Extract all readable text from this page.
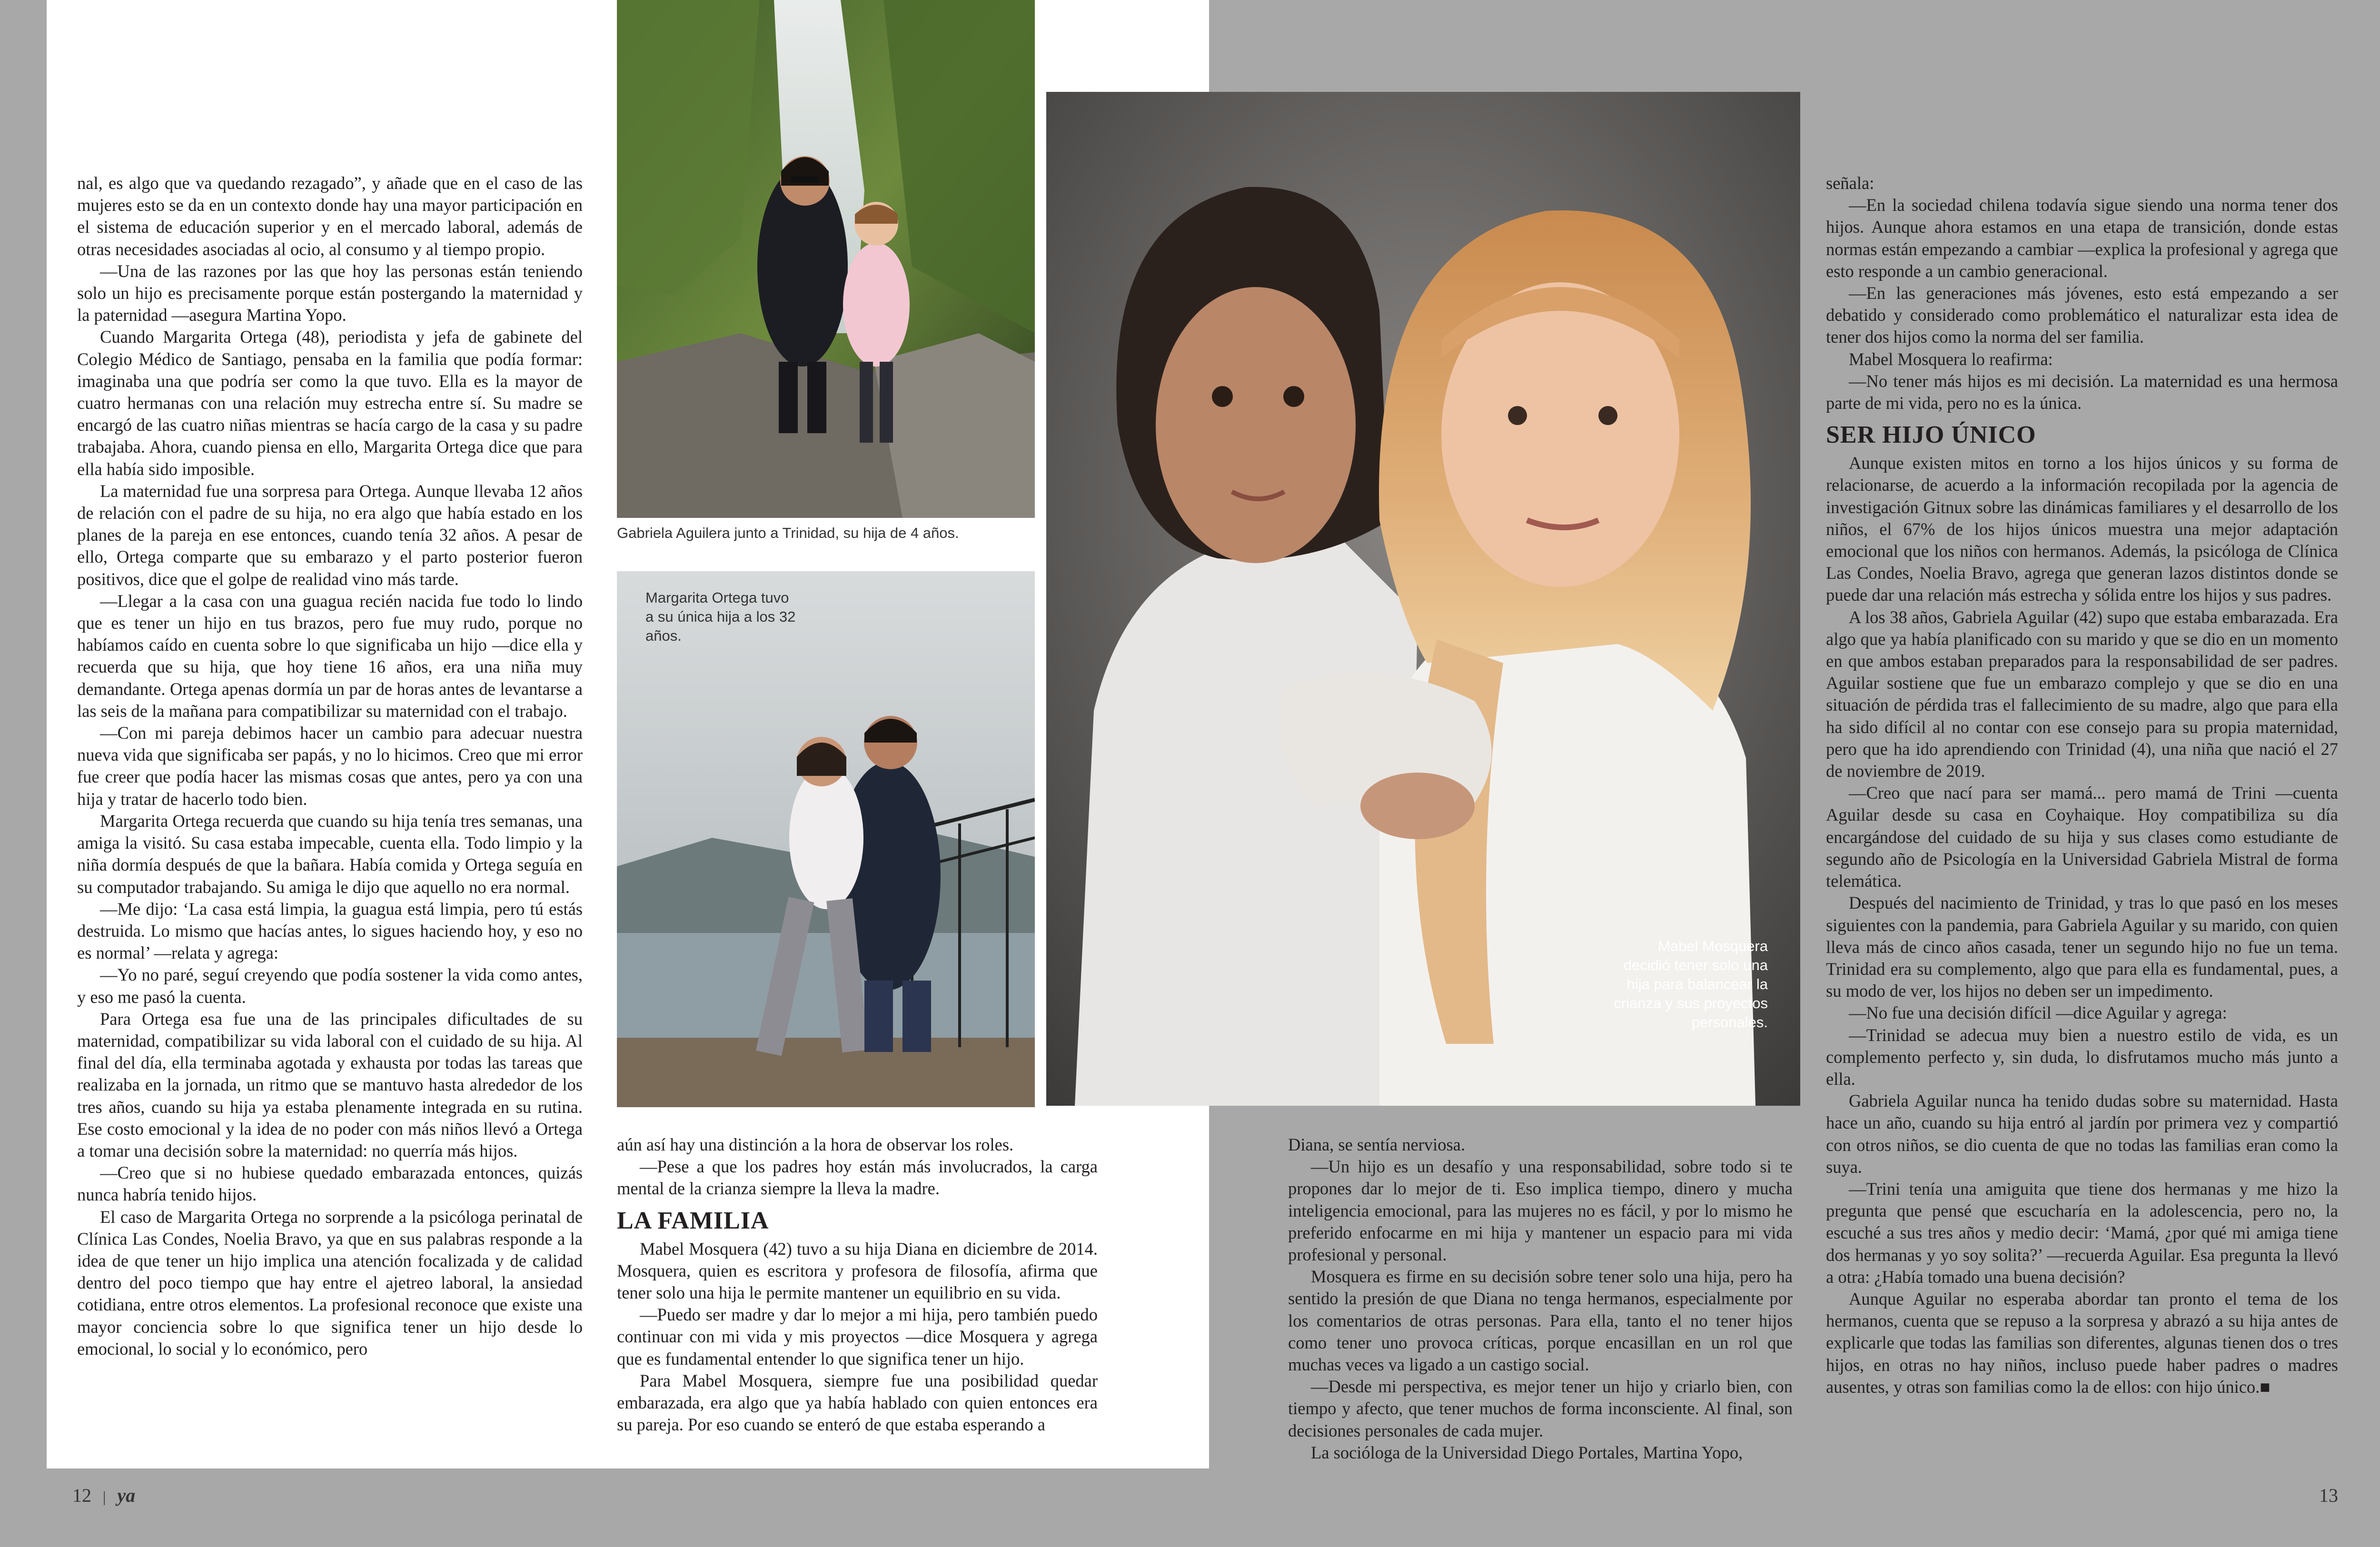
nal, es algo que va quedando rezagado”, y añade que en el caso de las mujeres esto se da en un contexto donde hay una mayor participación en el sistema de educación superior y en el mercado laboral, además de otras necesidades asociadas al ocio, al consumo y al tiempo propio.

—Una de las razones por las que hoy las personas están teniendo solo un hijo es precisamente porque están postergando la maternidad y la paternidad —asegura Martina Yopo.

Cuando Margarita Ortega (48), periodista y jefa de gabinete del Colegio Médico de Santiago, pensaba en la familia que podía formar: imaginaba una que podría ser como la que tuvo. Ella es la mayor de cuatro hermanas con una relación muy estrecha entre sí. Su madre se encargó de las cuatro niñas mientras se hacía cargo de la casa y su padre trabajaba. Ahora, cuando piensa en ello, Margarita Ortega dice que para ella había sido imposible.

La maternidad fue una sorpresa para Ortega. Aunque llevaba 12 años de relación con el padre de su hija, no era algo que había estado en los planes de la pareja en ese entonces, cuando tenía 32 años. A pesar de ello, Ortega comparte que su embarazo y el parto posterior fueron positivos, dice que el golpe de realidad vino más tarde.

—Llegar a la casa con una guagua recién nacida fue todo lo lindo que es tener un hijo en tus brazos, pero fue muy rudo, porque no habíamos caído en cuenta sobre lo que significaba un hijo —dice ella y recuerda que su hija, que hoy tiene 16 años, era una niña muy demandante. Ortega apenas dormía un par de horas antes de levantarse a las seis de la mañana para compatibilizar su maternidad con el trabajo.

—Con mi pareja debimos hacer un cambio para adecuar nuestra nueva vida que significaba ser papás, y no lo hicimos. Creo que mi error fue creer que podía hacer las mismas cosas que antes, pero ya con una hija y tratar de hacerlo todo bien.

Margarita Ortega recuerda que cuando su hija tenía tres semanas, una amiga la visitó. Su casa estaba impecable, cuenta ella. Todo limpio y la niña dormía después de que la bañara. Había comida y Ortega seguía en su computador trabajando. Su amiga le dijo que aquello no era normal.

—Me dijo: ‘La casa está limpia, la guagua está limpia, pero tú estás destruida. Lo mismo que hacías antes, lo sigues haciendo hoy, y eso no es normal’ —relata y agrega:

—Yo no paré, seguí creyendo que podía sostener la vida como antes, y eso me pasó la cuenta.

Para Ortega esa fue una de las principales dificultades de su maternidad, compatibilizar su vida laboral con el cuidado de su hija. Al final del día, ella terminaba agotada y exhausta por todas las tareas que realizaba en la jornada, un ritmo que se mantuvo hasta alrededor de los tres años, cuando su hija ya estaba plenamente integrada en su rutina. Ese costo emocional y la idea de no poder con más niños llevó a Ortega a tomar una decisión sobre la maternidad: no querría más hijos.

—Creo que si no hubiese quedado embarazada entonces, quizás nunca habría tenido hijos.

El caso de Margarita Ortega no sorprende a la psicóloga perinatal de Clínica Las Condes, Noelia Bravo, ya que en sus palabras responde a la idea de que tener un hijo implica una atención focalizada y de calidad dentro del poco tiempo que hay entre el ajetreo laboral, la ansiedad cotidiana, entre otros elementos. La profesional reconoce que existe una mayor conciencia sobre lo que significa tener un hijo desde lo emocional, lo social y lo económico, pero

Gabriela Aguilera junto a Trinidad, su hija de 4 años.
Margarita Ortega tuvo a su única hija a los 32 años.

aún así hay una distinción a la hora de observar los roles.

—Pese a que los padres hoy están más involucrados, la carga mental de la crianza siempre la lleva la madre.

LA FAMILIA

Mabel Mosquera (42) tuvo a su hija Diana en diciembre de 2014. Mosquera, quien es escritora y profesora de filosofía, afirma que tener solo una hija le permite mantener un equilibrio en su vida.

—Puedo ser madre y dar lo mejor a mi hija, pero también puedo continuar con mi vida y mis proyectos —dice Mosquera y agrega que es fundamental entender lo que significa tener un hijo.

Para Mabel Mosquera, siempre fue una posibilidad quedar embarazada, era algo que ya había hablado con quien entonces era su pareja. Por eso cuando se enteró de que estaba esperando a

Mabel Mosquera decidió tener solo una hija para balancear la crianza y sus proyectos personales.

Diana, se sentía nerviosa.

—Un hijo es un desafío y una responsabilidad, sobre todo si te propones dar lo mejor de ti. Eso implica tiempo, dinero y mucha inteligencia emocional, para las mujeres no es fácil, y por lo mismo he preferido enfocarme en mi hija y mantener un espacio para mi vida profesional y personal.

Mosquera es firme en su decisión sobre tener solo una hija, pero ha sentido la presión de que Diana no tenga hermanos, especialmente por los comentarios de otras personas. Para ella, tanto el no tener hijos como tener uno provoca críticas, porque encasillan en un rol que muchas veces va ligado a un castigo social.

—Desde mi perspectiva, es mejor tener un hijo y criarlo bien, con tiempo y afecto, que tener muchos de forma inconsciente. Al final, son decisiones personales de cada mujer.

La socióloga de la Universidad Diego Portales, Martina Yopo,

señala:

—En la sociedad chilena todavía sigue siendo una norma tener dos hijos. Aunque ahora estamos en una etapa de transición, donde estas normas están empezando a cambiar —explica la profesional y agrega que esto responde a un cambio generacional.

—En las generaciones más jóvenes, esto está empezando a ser debatido y considerado como problemático el naturalizar esta idea de tener dos hijos como la norma del ser familia.

Mabel Mosquera lo reafirma:

—No tener más hijos es mi decisión. La maternidad es una hermosa parte de mi vida, pero no es la única.

SER HIJO ÚNICO

Aunque existen mitos en torno a los hijos únicos y su forma de relacionarse, de acuerdo a la información recopilada por la agencia de investigación Gitnux sobre las dinámicas familiares y el desarrollo de los niños, el 67% de los hijos únicos muestra una mejor adaptación emocional que los niños con hermanos. Además, la psicóloga de Clínica Las Condes, Noelia Bravo, agrega que generan lazos distintos donde se puede dar una relación más estrecha y sólida entre los hijos y sus padres.

A los 38 años, Gabriela Aguilar (42) supo que estaba embarazada. Era algo que ya había planificado con su marido y que se dio en un momento en que ambos estaban preparados para la responsabilidad de ser padres. Aguilar sostiene que fue un embarazo complejo y que se dio en una situación de pérdida tras el fallecimiento de su madre, algo que para ella ha sido difícil al no contar con ese consejo para su propia maternidad, pero que ha ido aprendiendo con Trinidad (4), una niña que nació el 27 de noviembre de 2019.

—Creo que nací para ser mamá... pero mamá de Trini —cuenta Aguilar desde su casa en Coyhaique. Hoy compatibiliza su día encargándose del cuidado de su hija y sus clases como estudiante de segundo año de Psicología en la Universidad Gabriela Mistral de forma telemática.

Después del nacimiento de Trinidad, y tras lo que pasó en los meses siguientes con la pandemia, para Gabriela Aguilar y su marido, con quien lleva más de cinco años casada, tener un segundo hijo no fue un tema. Trinidad era su complemento, algo que para ella es fundamental, pues, a su modo de ver, los hijos no deben ser un impedimento.

—No fue una decisión difícil —dice Aguilar y agrega:

—Trinidad se adecua muy bien a nuestro estilo de vida, es un complemento perfecto y, sin duda, lo disfrutamos mucho más junto a ella.

Gabriela Aguilar nunca ha tenido dudas sobre su maternidad. Hasta hace un año, cuando su hija entró al jardín por primera vez y compartió con otros niños, se dio cuenta de que no todas las familias eran como la suya.

—Trini tenía una amiguita que tiene dos hermanas y me hizo la pregunta que pensé que escucharía en la adolescencia, pero no, la escuché a sus tres años y medio decir: ‘Mamá, ¿por qué mi amiga tiene dos hermanas y yo soy solita?’ —recuerda Aguilar. Esa pregunta la llevó a otra: ¿Había tomado una buena decisión?

Aunque Aguilar no esperaba abordar tan pronto el tema de los hermanos, cuenta que se repuso a la sorpresa y abrazó a su hija antes de explicarle que todas las familias son diferentes, algunas tienen dos o tres hijos, en otras no hay niños, incluso puede haber padres o madres ausentes, y otras son familias como la de ellos: con hijo único.■

12 | ya	13
